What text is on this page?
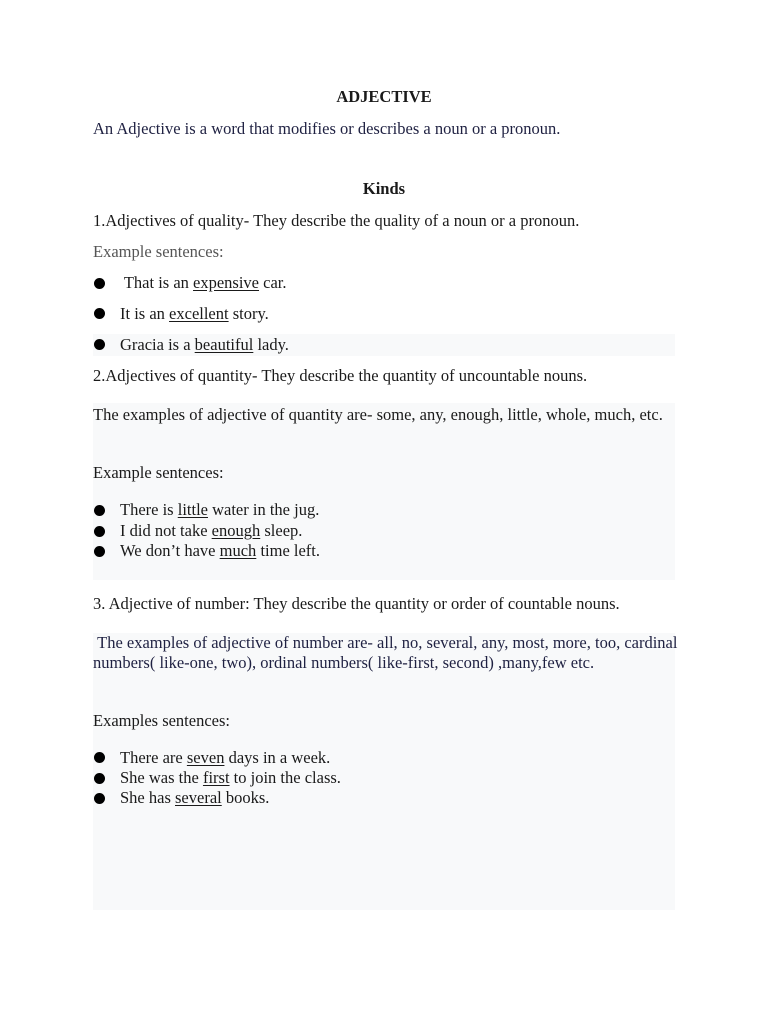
ADJECTIVE
An Adjective is a word that modifies or describes a noun or a pronoun.
Kinds
1.Adjectives of quality- They describe the quality of a noun or a pronoun.
Example sentences:
That is an expensive car.
It is an excellent story.
Gracia is a beautiful lady.
2.Adjectives of quantity- They describe the quantity of uncountable nouns.
The examples of adjective of quantity are- some, any, enough, little, whole, much, etc.
Example sentences:
There is little water in the jug.
I did not take enough sleep.
We don’t have much time left.
3. Adjective of number: They describe the quantity or order of countable nouns.
The examples of adjective of number are- all, no, several, any, most, more, too, cardinal numbers( like-one, two), ordinal numbers( like-first, second) ,many,few etc.
Examples sentences:
There are seven days in a week.
She was the first to join the class.
She has several books.
